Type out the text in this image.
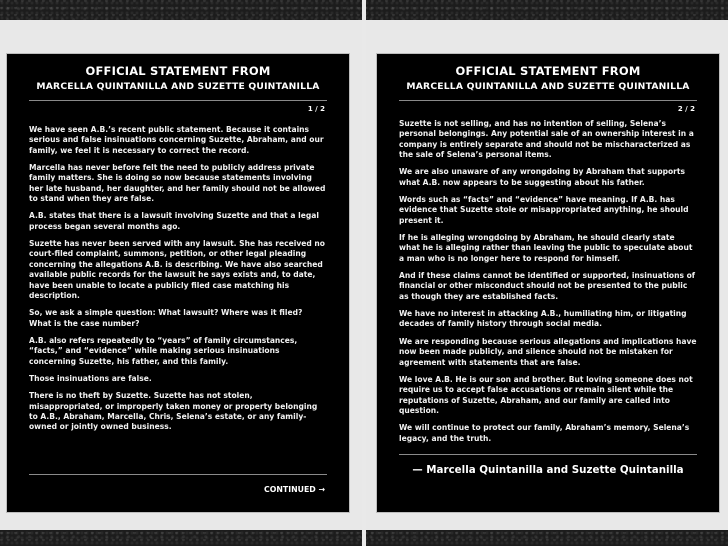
OFFICIAL STATEMENT FROM
MARCELLA QUINTANILLA AND SUZETTE QUINTANILLA
1 / 2

We have seen A.B.’s recent public statement. Because it contains serious and false insinuations concerning Suzette, Abraham, and our family, we feel it is necessary to correct the record.

Marcella has never before felt the need to publicly address private family matters. She is doing so now because statements involving her late husband, her daughter, and her family should not be allowed to stand when they are false.

A.B. states that there is a lawsuit involving Suzette and that a legal process began several months ago.

Suzette has never been served with any lawsuit. She has received no court-filed complaint, summons, petition, or other legal pleading concerning the allegations A.B. is describing. We have also searched available public records for the lawsuit he says exists and, to date, have been unable to locate a publicly filed case matching his description.

So, we ask a simple question: What lawsuit? Where was it filed? What is the case number?

A.B. also refers repeatedly to “years” of family circumstances, “facts,” and “evidence” while making serious insinuations concerning Suzette, his father, and this family.

Those insinuations are false.

There is no theft by Suzette. Suzette has not stolen, misappropriated, or improperly taken money or property belonging to A.B., Abraham, Marcella, Chris, Selena’s estate, or any family-owned or jointly owned business.

CONTINUED →
OFFICIAL STATEMENT FROM
MARCELLA QUINTANILLA AND SUZETTE QUINTANILLA
2 / 2

Suzette is not selling, and has no intention of selling, Selena’s personal belongings. Any potential sale of an ownership interest in a company is entirely separate and should not be mischaracterized as the sale of Selena’s personal items.

We are also unaware of any wrongdoing by Abraham that supports what A.B. now appears to be suggesting about his father.

Words such as “facts” and “evidence” have meaning. If A.B. has evidence that Suzette stole or misappropriated anything, he should present it.

If he is alleging wrongdoing by Abraham, he should clearly state what he is alleging rather than leaving the public to speculate about a man who is no longer here to respond for himself.

And if these claims cannot be identified or supported, insinuations of financial or other misconduct should not be presented to the public as though they are established facts.

We have no interest in attacking A.B., humiliating him, or litigating decades of family history through social media.

We are responding because serious allegations and implications have now been made publicly, and silence should not be mistaken for agreement with statements that are false.

We love A.B. He is our son and brother. But loving someone does not require us to accept false accusations or remain silent while the reputations of Suzette, Abraham, and our family are called into question.

We will continue to protect our family, Abraham’s memory, Selena’s legacy, and the truth.

— Marcella Quintanilla and Suzette Quintanilla
